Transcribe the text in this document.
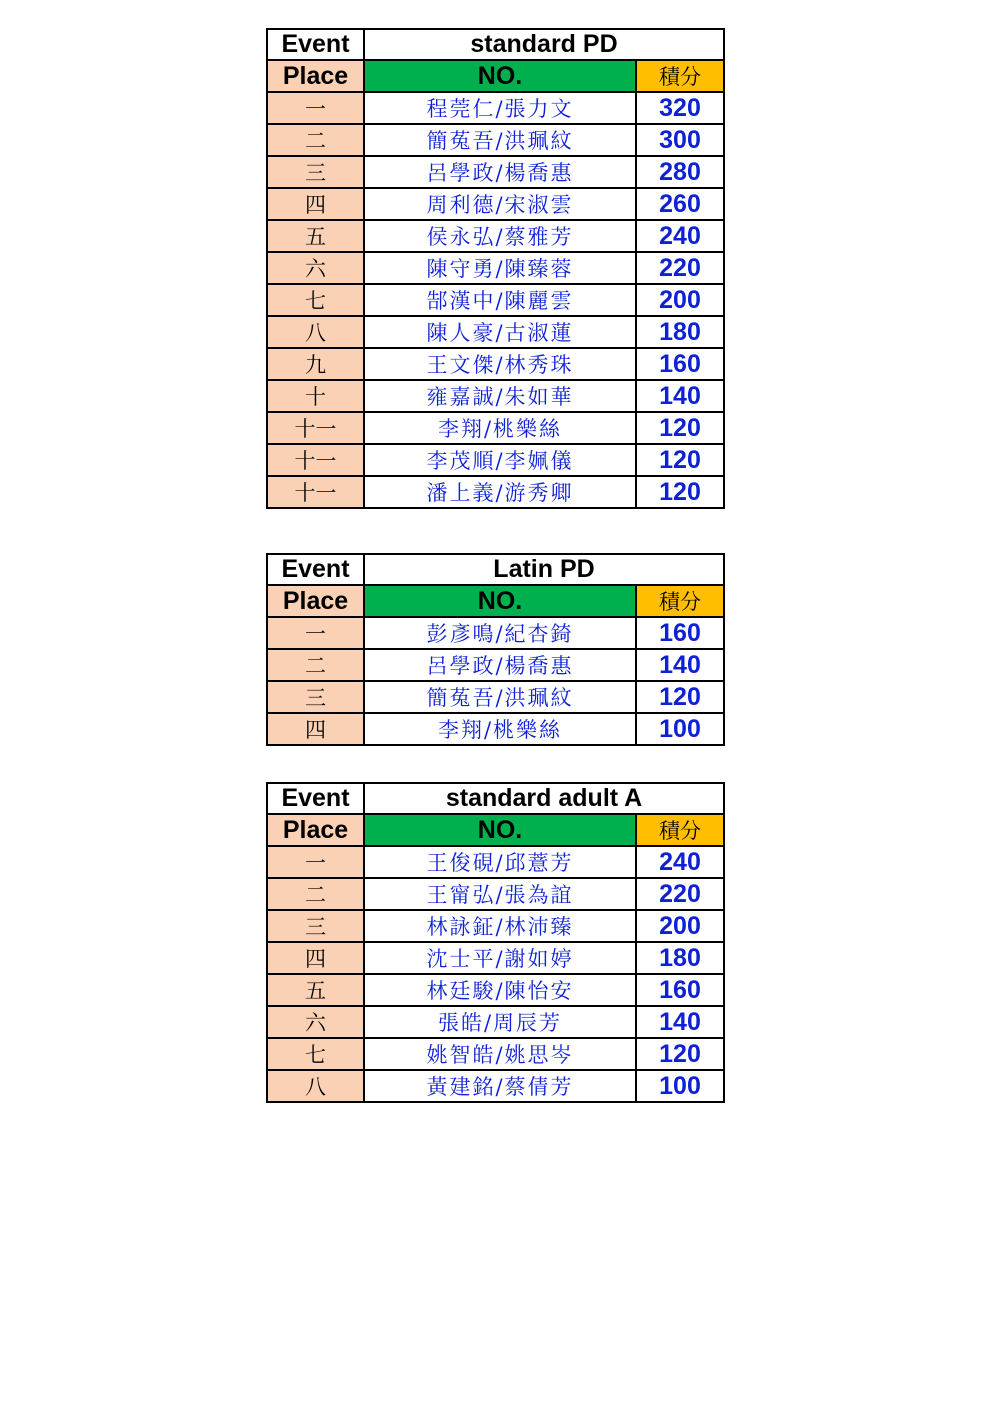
Event	standard PD	
Place	NO.	積分
一	程莞仁/張力文	320
二	簡菟吾/洪珮紋	300
三	呂學政/楊喬惠	280
四	周利德/宋淑雲	260
五	侯永弘/蔡雅芳	240
六	陳守勇/陳臻蓉	220
七	郜漢中/陳麗雲	200
八	陳人豪/古淑蓮	180
九	王文傑/林秀珠	160
十	雍嘉誠/朱如華	140
十一	李翔/桃樂絲	120
十一	李茂順/李姵儀	120
十一	潘上義/游秀卿	120
Event	Latin PD	
Place	NO.	積分
一	彭彥鳴/紀杏錡	160
二	呂學政/楊喬惠	140
三	簡菟吾/洪珮紋	120
四	李翔/桃樂絲	100
Event	standard adult A	
Place	NO.	積分
一	王俊硯/邱薏芳	240
二	王甯弘/張為誼	220
三	林詠鉦/林沛臻	200
四	沈士平/謝如婷	180
五	林廷駿/陳怡安	160
六	張皓/周辰芳	140
七	姚智皓/姚思岑	120
八	黃建銘/蔡倩芳	100
